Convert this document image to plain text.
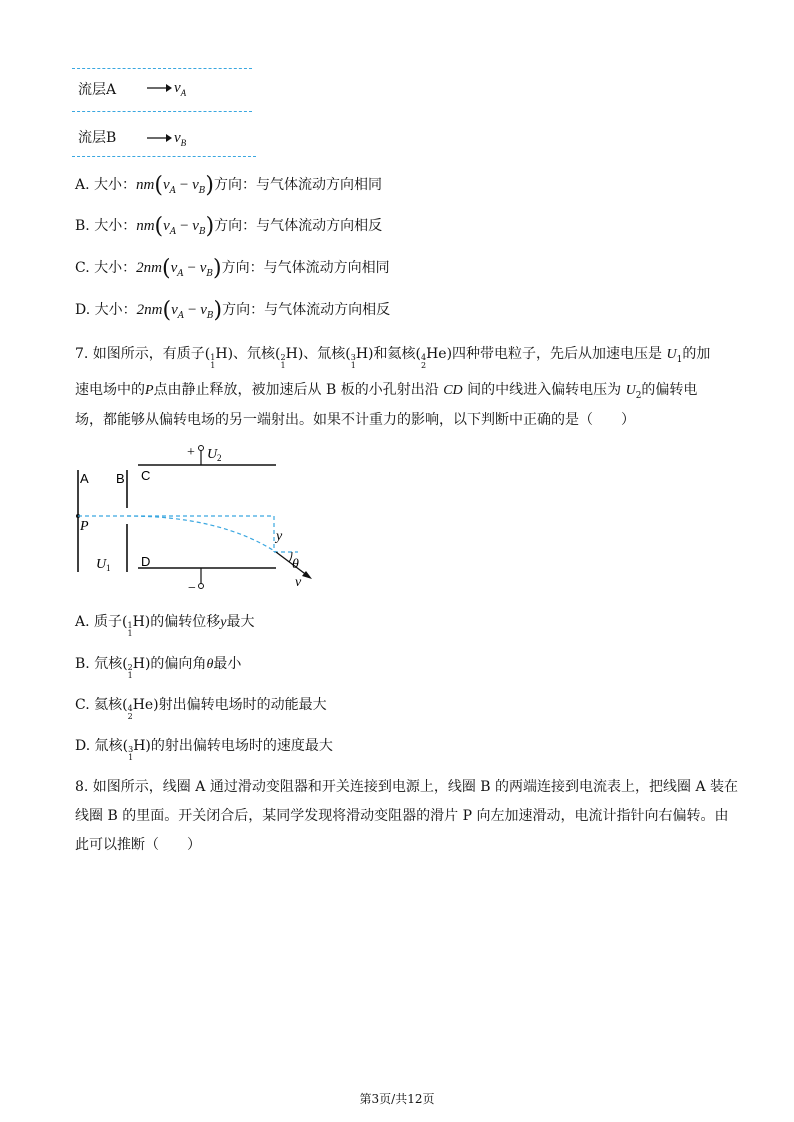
流层A	$v_A$
流层B	$v_B$
A. 大小：$nm(v_A - v_B)$方向：与气体流动方向相同
B. 大小：$nm(v_A - v_B)$方向：与气体流动方向相反
C. 大小：$2nm(v_A - v_B)$方向：与气体流动方向相同
D. 大小：$2nm(v_A - v_B)$方向：与气体流动方向相反
7. 如图所示，有质子( 1
1
H)、氘核( 2
1
H)、氚核( 3
1
H)和氦核( 4
2
He)四种带电粒子，先后从加速电压是 $U_1$的加
速电场中的P点由静止释放，被加速后从 B 板的小孔射出沿 CD 间的中线进入偏转电压为 $U_2$的偏转电
场，都能够从偏转电场的另一端射出。如果不计重力的影响，以下判断中正确的是（　　）
+ U 2
A B C
P
U 1 D
y
θ
v
−
A. 质子( 1
1
H)的偏转位移y最大
B. 氘核( 2
1
H)的偏向角θ最小
C. 氦核( 4
2
He)射出偏转电场时的动能最大
D. 氚核( 3
1
H)的射出偏转电场时的速度最大
8. 如图所示，线圈 A 通过滑动变阻器和开关连接到电源上，线圈 B 的两端连接到电流表上，把线圈 A 装在
线圈 B 的里面。开关闭合后，某同学发现将滑动变阻器的滑片 P 向左加速滑动，电流计指针向右偏转。由
此可以推断（　　）
第3页/共12页
